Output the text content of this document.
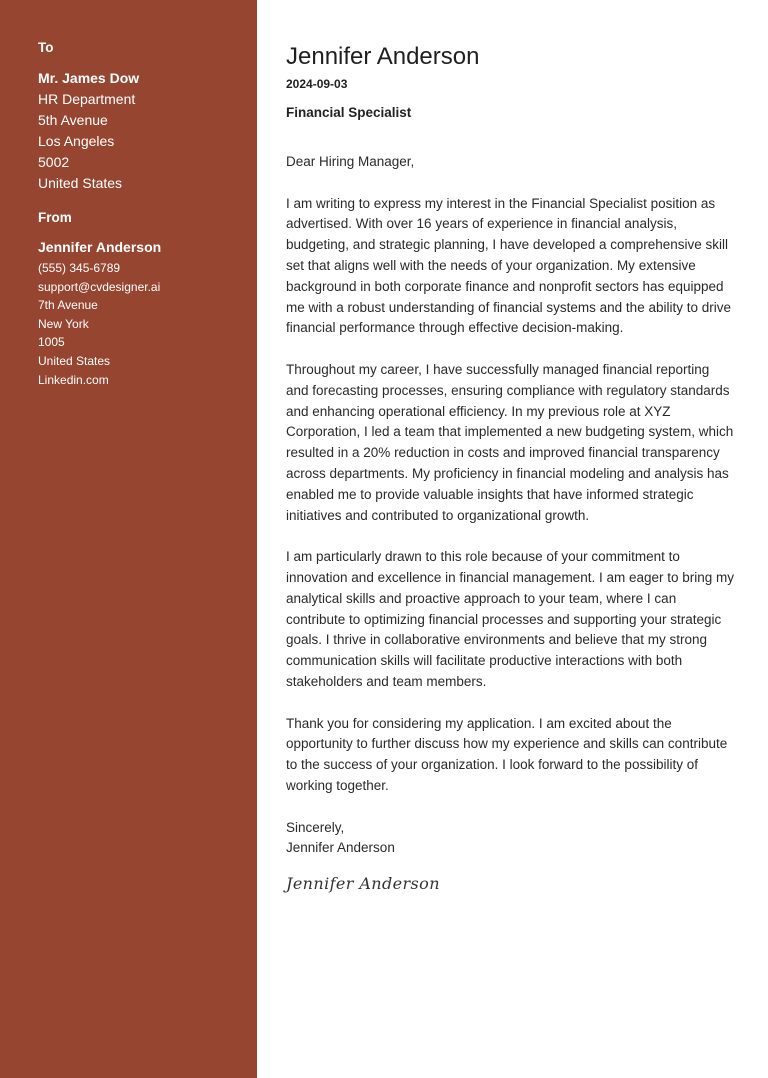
To
Mr. James Dow
HR Department
5th Avenue
Los Angeles
5002
United States
From
Jennifer Anderson
(555) 345-6789
support@cvdesigner.ai
7th Avenue
New York
1005
United States
Linkedin.com
Jennifer Anderson
2024-09-03
Financial Specialist

Dear Hiring Manager,

I am writing to express my interest in the Financial Specialist position as advertised. With over 16 years of experience in financial analysis, budgeting, and strategic planning, I have developed a comprehensive skill set that aligns well with the needs of your organization. My extensive background in both corporate finance and nonprofit sectors has equipped me with a robust understanding of financial systems and the ability to drive financial performance through effective decision-making.

Throughout my career, I have successfully managed financial reporting and forecasting processes, ensuring compliance with regulatory standards and enhancing operational efficiency. In my previous role at XYZ Corporation, I led a team that implemented a new budgeting system, which resulted in a 20% reduction in costs and improved financial transparency across departments. My proficiency in financial modeling and analysis has enabled me to provide valuable insights that have informed strategic initiatives and contributed to organizational growth.

I am particularly drawn to this role because of your commitment to innovation and excellence in financial management. I am eager to bring my analytical skills and proactive approach to your team, where I can contribute to optimizing financial processes and supporting your strategic goals. I thrive in collaborative environments and believe that my strong communication skills will facilitate productive interactions with both stakeholders and team members.

Thank you for considering my application. I am excited about the opportunity to further discuss how my experience and skills can contribute to the success of your organization. I look forward to the possibility of working together.

Sincerely,
Jennifer Anderson
Jennifer Anderson
